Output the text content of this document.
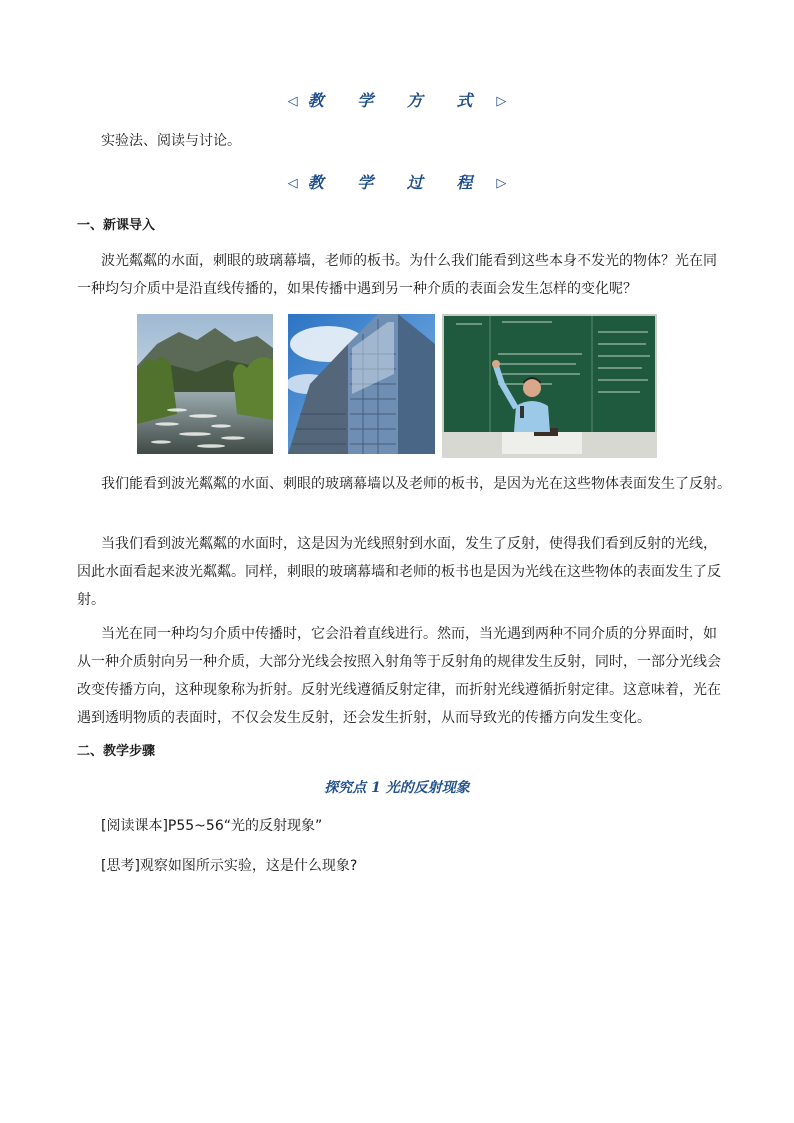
◁ 教 学 方 式 ▷
实验法、阅读与讨论。
◁ 教 学 过 程 ▷
一、新课导入
波光粼粼的水面，刺眼的玻璃幕墙，老师的板书。为什么我们能看到这些本身不发光的物体？光在同一种均匀介质中是沿直线传播的，如果传播中遇到另一种介质的表面会发生怎样的变化呢？
我们能看到波光粼粼的水面、刺眼的玻璃幕墙以及老师的板书，是因为光在这些物体表面发生了反射。
当我们看到波光粼粼的水面时，这是因为光线照射到水面，发生了反射，使得我们看到反射的光线，因此水面看起来波光粼粼。同样，刺眼的玻璃幕墙和老师的板书也是因为光线在这些物体的表面发生了反射。
当光在同一种均匀介质中传播时，它会沿着直线进行。然而，当光遇到两种不同介质的分界面时，如从一种介质射向另一种介质，大部分光线会按照入射角等于反射角的规律发生反射，同时，一部分光线会改变传播方向，这种现象称为折射。反射光线遵循反射定律，而折射光线遵循折射定律。这意味着，光在遇到透明物质的表面时，不仅会发生反射，还会发生折射，从而导致光的传播方向发生变化。
二、教学步骤
探究点 1 光的反射现象
[阅读课本]P55~56“光的反射现象”
[思考]观察如图所示实验，这是什么现象?
